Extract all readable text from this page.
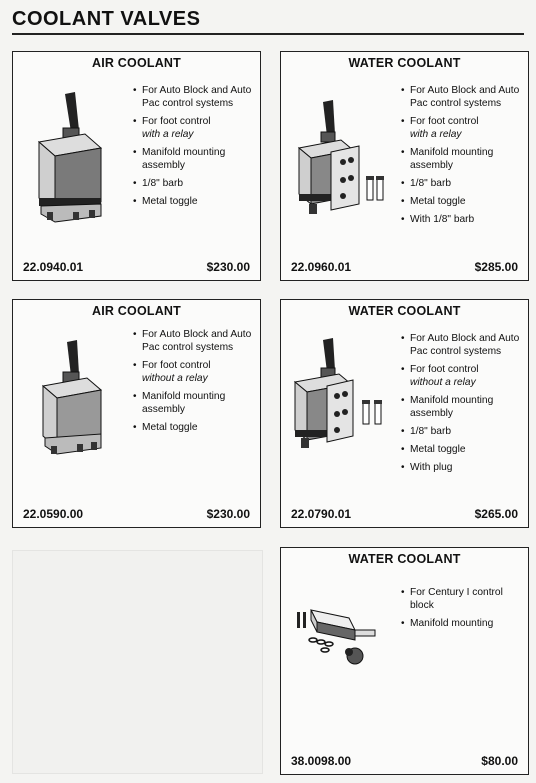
COOLANT VALVES
AIR COOLANT
• For Auto Block and Auto Pac control systems
• For foot control
with a relay
• Manifold mounting assembly
• 1/8" barb
• Metal toggle
22.0940.01	$230.00
WATER COOLANT
• For Auto Block and Auto Pac control systems
• For foot control
with a relay
• Manifold mounting assembly
• 1/8" barb
• Metal toggle
• With 1/8" barb
22.0960.01	$285.00
AIR COOLANT
• For Auto Block and Auto Pac control systems
• For foot control
without a relay
• Manifold mounting assembly
• Metal toggle
22.0590.00	$230.00
WATER COOLANT
• For Auto Block and Auto Pac control systems
• For foot control
without a relay
• Manifold mounting assembly
• 1/8" barb
• Metal toggle
• With plug
22.0790.01	$265.00
WATER COOLANT
• For Century I control block
• Manifold mounting
38.0098.00	$80.00
